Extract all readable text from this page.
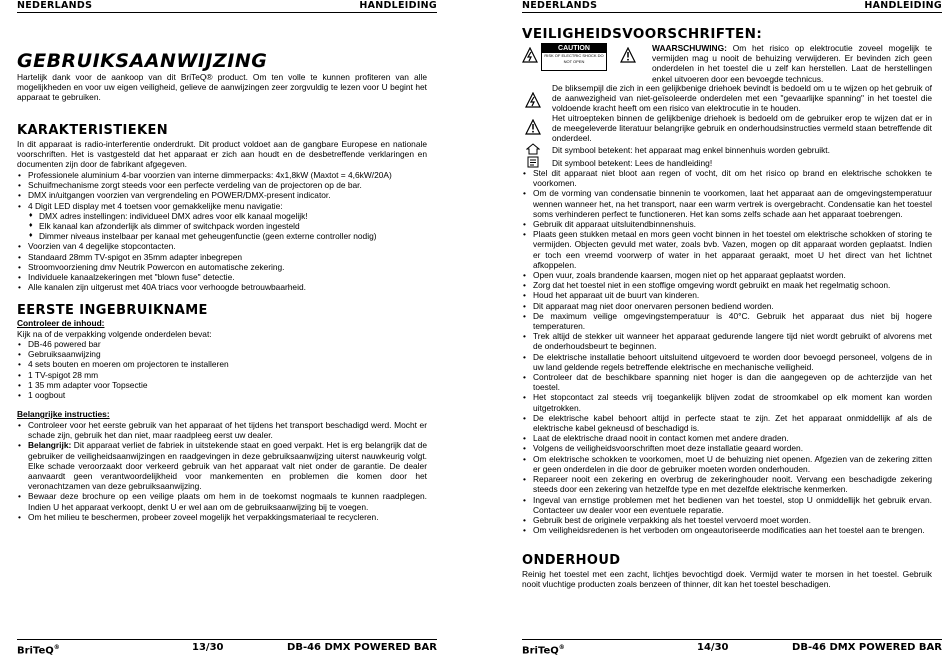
NEDERLANDS	HANDLEIDING
GEBRUIKSAANWIJZING
Hartelijk dank voor de aankoop van dit BriTeQ® product. Om ten volle te kunnen profiteren van alle mogelijkheden en voor uw eigen veiligheid, gelieve de aanwijzingen zeer zorgvuldig te lezen voor U begint het apparaat te gebruiken.
KARAKTERISTIEKEN
In dit apparaat is radio-interferentie onderdrukt. Dit product voldoet aan de gangbare Europese en nationale voorschriften. Het is vastgesteld dat het apparaat er zich aan houdt en de desbetreffende verklaringen en documenten zijn door de fabrikant afgegeven.
• Professionele aluminium 4-bar voorzien van interne dimmerpacks: 4x1,8kW (Maxtot = 4,6kW/20A)
• Schuifmechanisme zorgt steeds voor een perfecte verdeling van de projectoren op de bar.
• DMX in/uitgangen voorzien van vergrendeling en POWER/DMX-present indicator.
• 4 Digit LED display met 4 toetsen voor gemakkelijke menu navigatie:
♦ DMX adres instellingen: individueel DMX adres voor elk kanaal mogelijk!
♦ Elk kanaal kan afzonderlijk als dimmer of switchpack worden ingesteld
♦ Dimmer niveaus instelbaar per kanaal met geheugenfunctie (geen externe controller nodig)
• Voorzien van 4 degelijke stopcontacten.
• Standaard 28mm TV-spigot en 35mm adapter inbegrepen
• Stroomvoorziening dmv Neutrik Powercon en automatische zekering.
• Individuele kanaalzekeringen met "blown fuse" detectie.
• Alle kanalen zijn uitgerust met 40A triacs voor verhoogde betrouwbaarheid.
EERSTE INGEBRUIKNAME
Controleer de inhoud:
Kijk na of de verpakking volgende onderdelen bevat:
• DB-46 powered bar
• Gebruiksaanwijzing
• 4 sets bouten en moeren om projectoren te installeren
• 1 TV-spigot 28 mm
• 1 35 mm adapter voor Topsectie
• 1 oogbout
Belangrijke instructies:
• Controleer voor het eerste gebruik van het apparaat of het tijdens het transport beschadigd werd. Mocht er schade zijn, gebruik het dan niet, maar raadpleeg eerst uw dealer.
• Belangrijk: Dit apparaat verliet de fabriek in uitstekende staat en goed verpakt. Het is erg belangrijk dat de gebruiker de veiligheidsaanwijzingen en raadgevingen in deze gebruiksaanwijzing uiterst nauwkeurig volgt. Elke schade veroorzaakt door verkeerd gebruik van het apparaat valt niet onder de garantie. De dealer aanvaardt geen verantwoordelijkheid voor mankementen en problemen die komen door het veronachtzamen van deze gebruiksaanwijzing.
• Bewaar deze brochure op een veilige plaats om hem in de toekomst nogmaals te kunnen raadplegen. Indien U het apparaat verkoopt, denkt U er wel aan om de gebruiksaanwijzing bij te voegen.
• Om het milieu te beschermen, probeer zoveel mogelijk het verpakkingsmateriaal te recycleren.
BriTeQ®	13/30	DB-46 DMX POWERED BAR
NEDERLANDS	HANDLEIDING
VEILIGHEIDSVOORSCHRIFTEN:
CAUTION
RISK OF ELECTRIC SHOCK DO NOT OPEN
WAARSCHUWING: Om het risico op elektrocutie zoveel mogelijk te vermijden mag u nooit de behuizing verwijderen. Er bevinden zich geen onderdelen in het toestel die u zelf kan herstellen. Laat de herstellingen enkel uitvoeren door een bevoegde technicus.
De bliksempijl die zich in een gelijkbenige driehoek bevindt is bedoeld om u te wijzen op het gebruik of de aanwezigheid van niet-geïsoleerde onderdelen met een "gevaarlijke spanning" in het toestel die voldoende kracht heeft om een risico van elektrocutie in te houden.
Het uitroepteken binnen de gelijkbenige driehoek is bedoeld om de gebruiker erop te wijzen dat er in de meegeleverde literatuur belangrijke gebruik en onderhoudsinstructies vermeld staan betreffende dit onderdeel.
Dit symbool betekent: het apparaat mag enkel binnenhuis worden gebruikt.
Dit symbool betekent: Lees de handleiding!
• Stel dit apparaat niet bloot aan regen of vocht, dit om het risico op brand en elektrische schokken te voorkomen.
• Om de vorming van condensatie binnenin te voorkomen, laat het apparaat aan de omgevingstemperatuur wennen wanneer het, na het transport, naar een warm vertrek is overgebracht. Condensatie kan het toestel soms verhinderen perfect te functioneren. Het kan soms zelfs schade aan het apparaat toebrengen.
• Gebruik dit apparaat uitsluitendbinnenshuis.
• Plaats geen stukken metaal en mors geen vocht binnen in het toestel om elektrische schokken of storing te vermijden. Objecten gevuld met water, zoals bvb. Vazen, mogen op dit apparaat worden geplaatst. Indien er toch een vreemd voorwerp of water in het apparaat geraakt, moet U het direct van het lichtnet afkoppelen.
• Open vuur, zoals brandende kaarsen, mogen niet op het apparaat geplaatst worden.
• Zorg dat het toestel niet in een stoffige omgeving wordt gebruikt en maak het regelmatig schoon.
• Houd het apparaat uit de buurt van kinderen.
• Dit apparaat mag niet door onervaren personen bediend worden.
• De maximum veilige omgevingstemperatuur is 40°C. Gebruik het apparaat dus niet bij hogere temperaturen.
• Trek altijd de stekker uit wanneer het apparaat gedurende langere tijd niet wordt gebruikt of alvorens met de onderhoudsbeurt te beginnen.
• De elektrische installatie behoort uitsluitend uitgevoerd te worden door bevoegd personeel, volgens de in uw land geldende regels betreffende elektrische en mechanische veiligheid.
• Controleer dat de beschikbare spanning niet hoger is dan die aangegeven op de achterzijde van het toestel.
• Het stopcontact zal steeds vrij toegankelijk blijven zodat de stroomkabel op elk moment kan worden uitgetrokken.
• De elektrische kabel behoort altijd in perfecte staat te zijn. Zet het apparaat onmiddellijk af als de elektrische kabel gekneusd of beschadigd is.
• Laat de elektrische draad nooit in contact komen met andere draden.
• Volgens de veiligheidsvoorschriften moet deze installatie geaard worden.
• Om elektrische schokken te voorkomen, moet U de behuizing niet openen. Afgezien van de zekering zitten er geen onderdelen in die door de gebruiker moeten worden onderhouden.
• Repareer nooit een zekering en overbrug de zekeringhouder nooit. Vervang een beschadigde zekering steeds door een zekering van hetzelfde type en met dezelfde elektrische kenmerken.
• Ingeval van ernstige problemen met het bedienen van het toestel, stop U onmiddellijk het gebruik ervan. Contacteer uw dealer voor een eventuele reparatie.
• Gebruik best de originele verpakking als het toestel vervoerd moet worden.
• Om veiligheidsredenen is het verboden om ongeautoriseerde modificaties aan het toestel aan te brengen.
ONDERHOUD
Reinig het toestel met een zacht, lichtjes bevochtigd doek. Vermijd water te morsen in het toestel. Gebruik nooit vluchtige producten zoals benzeen of thinner, dit kan het toestel beschadigen.
BriTeQ®	14/30	DB-46 DMX POWERED BAR
